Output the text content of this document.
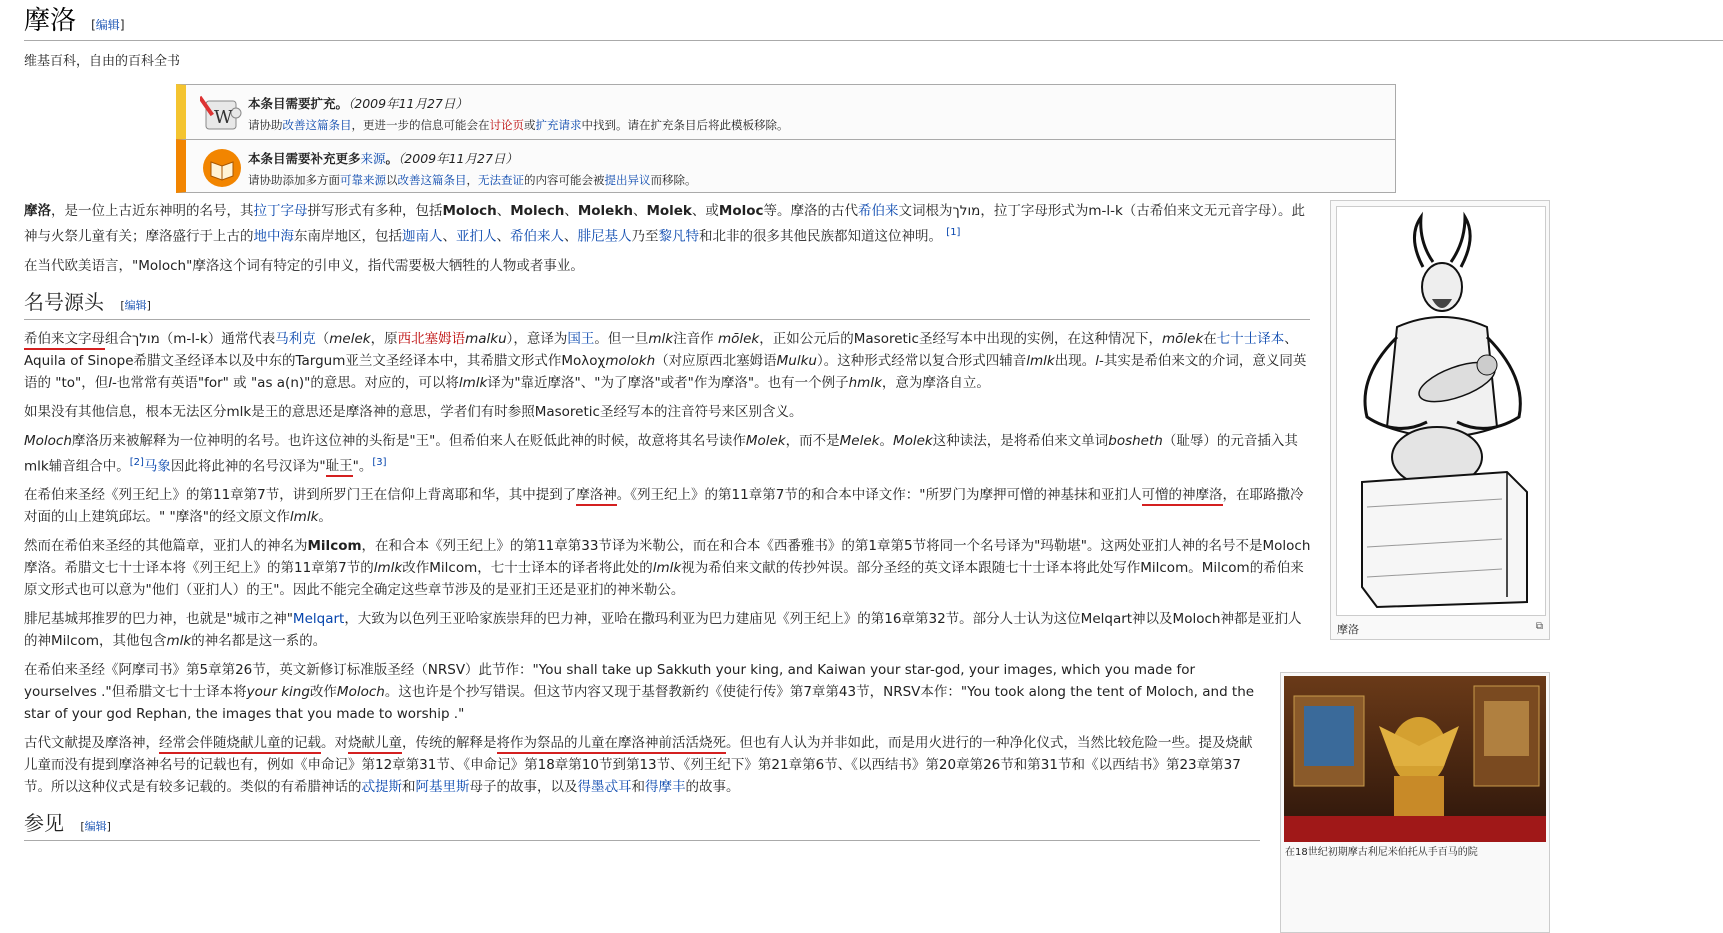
摩洛 [编辑]
维基百科，自由的百科全书
W
本条目需要扩充。（2009年11月27日）
请协助改善这篇条目，更进一步的信息可能会在讨论页或扩充请求中找到。请在扩充条目后将此模板移除。
本条目需要补充更多来源。（2009年11月27日）
请协助添加多方面可靠来源以改善这篇条目，无法查证的内容可能会被提出异议而移除。

摩洛，是一位上古近东神明的名号，其拉丁字母拼写形式有多种，包括Moloch、Molech、Molekh、Molek、或Moloc等。摩洛的古代希伯来文词根为מולך，拉丁字母形式为m-l-k（古希伯来文无元音字母）。此神与火祭儿童有关；摩洛盛行于上古的地中海东南岸地区，包括迦南人、亚扪人、希伯来人、腓尼基人乃至黎凡特和北非的很多其他民族都知道这位神明。 [1]

在当代欧美语言，"Moloch"摩洛这个词有特定的引申义，指代需要极大牺牲的人物或者事业。

名号源头 [编辑]

希伯来文字母组合מולך（m-l-k）通常代表马利克（melek，原西北塞姆语malku），意译为国王。但一旦mlk注音作 mōlek，正如公元后的Masoretic圣经写本中出现的实例，在这种情况下，mōlek在七十士译本、Aquila of Sinope希腊文圣经译本以及中东的Targum亚兰文圣经译本中，其希腊文形式作Μολοχmolokh（对应原西北塞姆语Mulku）。这种形式经常以复合形式四辅音lmlk出现。l-其实是希伯来文的介词，意义同英语的 "to"，但l-也常常有英语"for" 或 "as a(n)"的意思。对应的，可以将lmlk译为"靠近摩洛"、"为了摩洛"或者"作为摩洛"。也有一个例子hmlk，意为摩洛自立。

如果没有其他信息，根本无法区分mlk是王的意思还是摩洛神的意思，学者们有时参照Masoretic圣经写本的注音符号来区别含义。

Moloch摩洛历来被解释为一位神明的名号。也许这位神的头衔是"王"。但希伯来人在贬低此神的时候，故意将其名号读作Molek，而不是Melek。Molek这种读法，是将希伯来文单词bosheth（耻辱）的元音插入其mlk辅音组合中。[2]马象因此将此神的名号汉译为"耻王"。[3]

在希伯来圣经《列王纪上》的第11章第7节，讲到所罗门王在信仰上背离耶和华，其中提到了摩洛神。《列王纪上》的第11章第7节的和合本中译文作："所罗门为摩押可憎的神基抹和亚扪人可憎的神摩洛，在耶路撒冷对面的山上建筑邱坛。" "摩洛"的经文原文作lmlk。

然而在希伯来圣经的其他篇章，亚扪人的神名为Milcom，在和合本《列王纪上》的第11章第33节译为米勒公，而在和合本《西番雅书》的第1章第5节将同一个名号译为"玛勒堪"。这两处亚扪人神的名号不是Moloch摩洛。希腊文七十士译本将《列王纪上》的第11章第7节的lmlk改作Milcom，七十士译本的译者将此处的lmlk视为希伯来文献的传抄舛误。部分圣经的英文译本跟随七十士译本将此处写作Milcom。Milcom的希伯来原文形式也可以意为"他们（亚扪人）的王"。因此不能完全确定这些章节涉及的是亚扪王还是亚扪的神米勒公。

腓尼基城邦推罗的巴力神，也就是"城市之神"Melqart，大致为以色列王亚哈家族崇拜的巴力神，亚哈在撒玛利亚为巴力建庙见《列王纪上》的第16章第32节。部分人士认为这位Melqart神以及Moloch神都是亚扪人的神Milcom，其他包含mlk的神名都是这一系的。

在希伯来圣经《阿摩司书》第5章第26节，英文新修订标准版圣经（NRSV）此节作："You shall take up Sakkuth your king, and Kaiwan your star-god, your images, which you made for yourselves ."但希腊文七十士译本将your king改作Moloch。这也许是个抄写错误。但这节内容又现于基督教新约《使徒行传》第7章第43节，NRSV本作："You took along the tent of Moloch, and the star of your god Rephan, the images that you made to worship ."

古代文献提及摩洛神，经常会伴随烧献儿童的记载。对烧献儿童，传统的解释是将作为祭品的儿童在摩洛神前活活烧死。但也有人认为并非如此，而是用火进行的一种净化仪式，当然比较危险一些。提及烧献儿童而没有提到摩洛神名号的记载也有，例如《申命记》第12章第31节、《申命记》第18章第10节到第13节、《列王纪下》第21章第6节、《以西结书》第20章第26节和第31节和《以西结书》第23章第37节。所以这种仪式是有较多记载的。类似的有希腊神话的忒提斯和阿基里斯母子的故事，以及得墨忒耳和得摩丰的故事。

参见 [编辑]
摩洛	⧉
在18世纪初期摩古利尼米伯托从手百马的院
